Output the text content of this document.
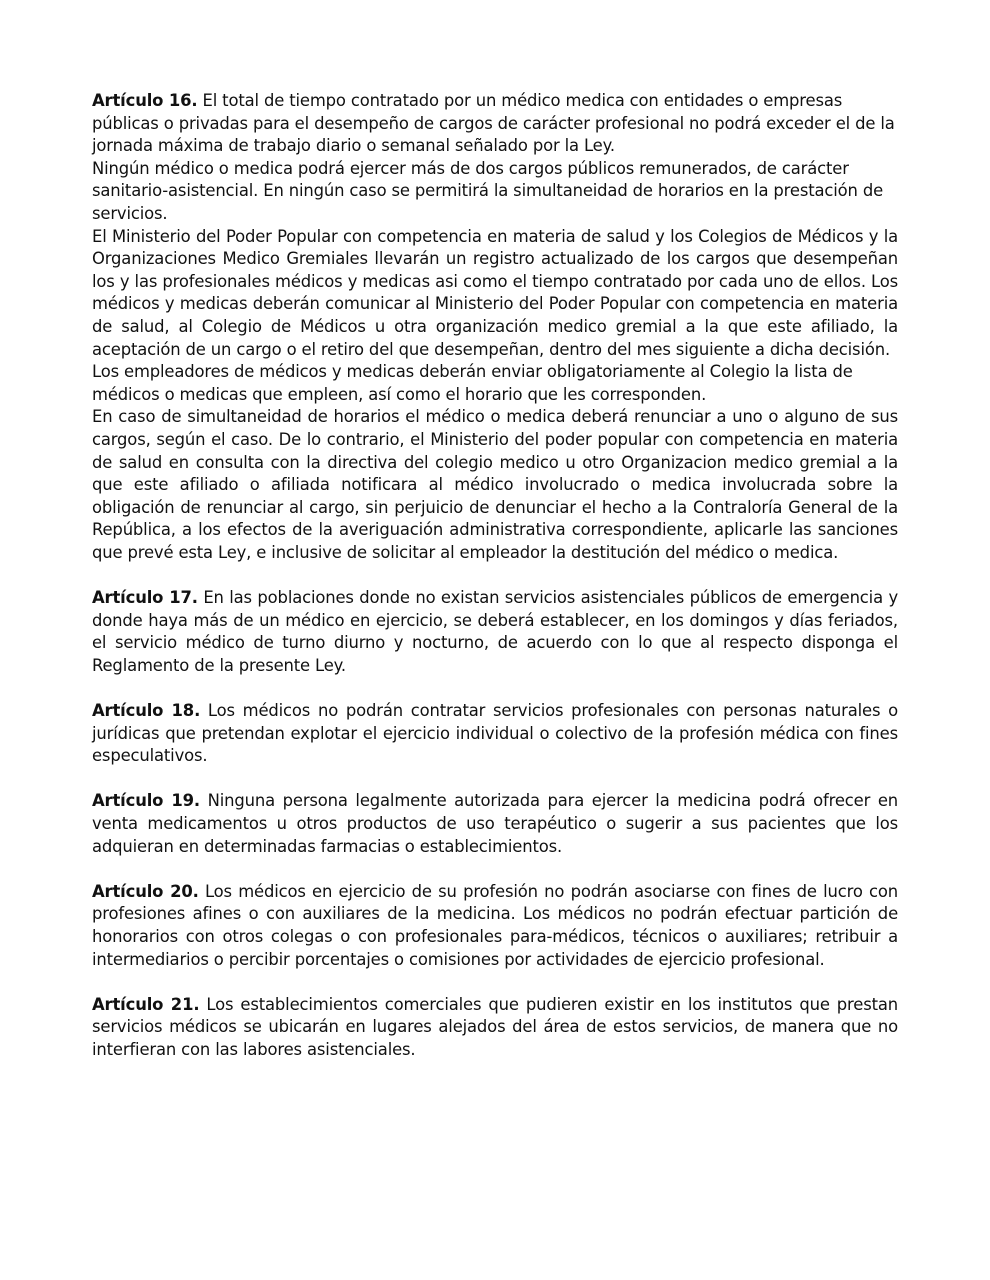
Artículo 16. El total de tiempo contratado por un médico medica con entidades o empresas públicas o privadas para el desempeño de cargos de carácter profesional no podrá exceder el de la jornada máxima de trabajo diario o semanal señalado por la Ley.

Ningún médico o medica podrá ejercer más de dos cargos públicos remunerados, de carácter sanitario-asistencial. En ningún caso se permitirá la simultaneidad de horarios en la prestación de servicios.

El Ministerio del Poder Popular con competencia en materia de salud y los Colegios de Médicos y la Organizaciones Medico Gremiales llevarán un registro actualizado de los cargos que desempeñan los y las profesionales médicos y medicas asi como el tiempo contratado por cada uno de ellos. Los médicos y medicas deberán comunicar al Ministerio del Poder Popular con competencia en materia de salud, al Colegio de Médicos u otra organización medico gremial a la que este afiliado, la aceptación de un cargo o el retiro del que desempeñan, dentro del mes siguiente a dicha decisión.

Los empleadores de médicos y medicas deberán enviar obligatoriamente al Colegio la lista de médicos o medicas que empleen, así como el horario que les corresponden.

En caso de simultaneidad de horarios el médico o medica deberá renunciar a uno o alguno de sus cargos, según el caso. De lo contrario, el Ministerio del poder popular con competencia en materia de salud en consulta con la directiva del colegio medico u otro Organizacion medico gremial a la que este afiliado o afiliada notificara al médico involucrado o medica involucrada sobre la obligación de renunciar al cargo, sin perjuicio de denunciar el hecho a la Contraloría General de la República, a los efectos de la averiguación administrativa correspondiente, aplicarle las sanciones que prevé esta Ley, e inclusive de solicitar al empleador la destitución del médico o medica.

Artículo 17. En las poblaciones donde no existan servicios asistenciales públicos de emergencia y donde haya más de un médico en ejercicio, se deberá establecer, en los domingos y días feriados, el servicio médico de turno diurno y nocturno, de acuerdo con lo que al respecto disponga el Reglamento de la presente Ley.

Artículo 18. Los médicos no podrán contratar servicios profesionales con personas naturales o jurídicas que pretendan explotar el ejercicio individual o colectivo de la profesión médica con fines especulativos.

Artículo 19. Ninguna persona legalmente autorizada para ejercer la medicina podrá ofrecer en venta medicamentos u otros productos de uso terapéutico o sugerir a sus pacientes que los adquieran en determinadas farmacias o establecimientos.

Artículo 20. Los médicos en ejercicio de su profesión no podrán asociarse con fines de lucro con profesiones afines o con auxiliares de la medicina. Los médicos no podrán efectuar partición de honorarios con otros colegas o con profesionales para-médicos, técnicos o auxiliares; retribuir a intermediarios o percibir porcentajes o comisiones por actividades de ejercicio profesional.

Artículo 21. Los establecimientos comerciales que pudieren existir en los institutos que prestan servicios médicos se ubicarán en lugares alejados del área de estos servicios, de manera que no interfieran con las labores asistenciales.
